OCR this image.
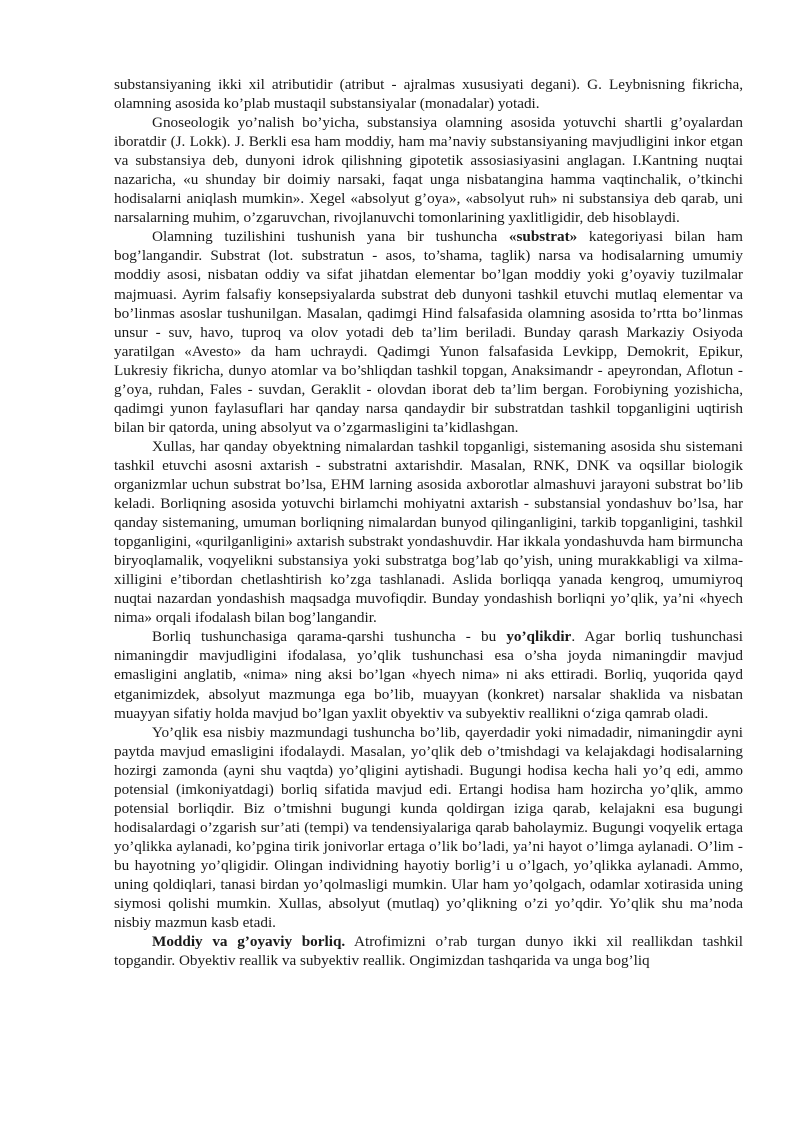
substansiyaning ikki xil atributidir (atribut - ajralmas xususiyati degani). G. Leybnisning fikricha, olamning asosida ko’plab mustaqil substansiyalar (monadalar) yotadi.

Gnoseologik yo’nalish bo’yicha, substansiya olamning asosida yotuvchi shartli g’oyalardan iboratdir (J. Lokk). J. Berkli esa ham moddiy, ham ma’naviy substansiyaning mavjudligini inkor etgan va substansiya deb, dunyoni idrok qilishning gipotetik assosiasiyasini anglagan. I.Kantning nuqtai nazaricha, «u shunday bir doimiy narsaki, faqat unga nisbatangina hamma vaqtinchalik, o’tkinchi hodisalarni aniqlash mumkin». Xegel «absolyut g’oya», «absolyut ruh» ni substansiya deb qarab, uni narsalarning muhim, o’zgaruvchan, rivojlanuvchi tomonlarining yaxlitligidir, deb hisoblaydi.

Olamning tuzilishini tushunish yana bir tushuncha «substrat» kategoriyasi bilan ham bog’langandir. Substrat (lot. substratun - asos, to’shama, taglik) narsa va hodisalarning umumiy moddiy asosi, nisbatan oddiy va sifat jihatdan elementar bo’lgan moddiy yoki g’oyaviy tuzilmalar majmuasi. Ayrim falsafiy konsepsiyalarda substrat deb dunyoni tashkil etuvchi mutlaq elementar va bo’linmas asoslar tushunilgan. Masalan, qadimgi Hind falsafasida olamning asosida to’rtta bo’linmas unsur - suv, havo, tuproq va olov yotadi deb ta’lim beriladi. Bunday qarash Markaziy Osiyoda yaratilgan «Avesto» da ham uchraydi. Qadimgi Yunon falsafasida Levkipp, Demokrit, Epikur, Lukresiy fikricha, dunyo atomlar va bo’shliqdan tashkil topgan, Anaksimandr - apeyrondan, Aflotun - g’oya, ruhdan, Fales - suvdan, Geraklit - olovdan iborat deb ta’lim bergan. Forobiyning yozishicha, qadimgi yunon faylasuflari har qanday narsa qandaydir bir substratdan tashkil topganligini uqtirish bilan bir qatorda, uning absolyut va o’zgarmasligini ta’kidlashgan.

Xullas, har qanday obyektning nimalardan tashkil topganligi, sistemaning asosida shu sistemani tashkil etuvchi asosni axtarish - substratni axtarishdir. Masalan, RNK, DNK va oqsillar biologik organizmlar uchun substrat bo’lsa, EHM larning asosida axborotlar almashuvi jarayoni substrat bo’lib keladi. Borliqning asosida yotuvchi birlamchi mohiyatni axtarish - substansial yondashuv bo’lsa, har qanday sistemaning, umuman borliqning nimalardan bunyod qilinganligini, tarkib topganligini, tashkil topganligini, «qurilganligini» axtarish substrakt yondashuvdir. Har ikkala yondashuvda ham birmuncha biryoqlamalik, voqyelikni substansiya yoki substratga bog’lab qo’yish, uning murakkabligi va xilma-xilligini e’tibordan chetlashtirish ko’zga tashlanadi. Aslida borliqqa yanada kengroq, umumiyroq nuqtai nazardan yondashish maqsadga muvofiqdir. Bunday yondashish borliqni yo’qlik, ya’ni «hyech nima» orqali ifodalash bilan bog’langandir.

Borliq tushunchasiga qarama-qarshi tushuncha - bu yo’qlikdir. Agar borliq tushunchasi nimaningdir mavjudligini ifodalasa, yo’qlik tushunchasi esa o’sha joyda nimaningdir mavjud emasligini anglatib, «nima» ning aksi bo’lgan «hyech nima» ni aks ettiradi. Borliq, yuqorida qayd etganimizdek, absolyut mazmunga ega bo’lib, muayyan (konkret) narsalar shaklida va nisbatan muayyan sifatiy holda mavjud bo’lgan yaxlit obyektiv va subyektiv reallikni o‘ziga qamrab oladi.

Yo’qlik esa nisbiy mazmundagi tushuncha bo’lib, qayerdadir yoki nimadadir, nimaningdir ayni paytda mavjud emasligini ifodalaydi. Masalan, yo’qlik deb o’tmishdagi va kelajakdagi hodisalarning hozirgi zamonda (ayni shu vaqtda) yo’qligini aytishadi. Bugungi hodisa kecha hali yo’q edi, ammo potensial (imkoniyatdagi) borliq sifatida mavjud edi. Ertangi hodisa ham hozircha yo’qlik, ammo potensial borliqdir. Biz o’tmishni bugungi kunda qoldirgan iziga qarab, kelajakni esa bugungi hodisalardagi o’zgarish sur’ati (tempi) va tendensiyalariga qarab baholaymiz. Bugungi voqyelik ertaga yo’qlikka aylanadi, ko’pgina tirik jonivorlar ertaga o’lik bo’ladi, ya’ni hayot o’limga aylanadi. O’lim - bu hayotning yo’qligidir. Olingan individning hayotiy borlig’i u o’lgach, yo’qlikka aylanadi. Ammo, uning qoldiqlari, tanasi birdan yo’qolmasligi mumkin. Ular ham yo’qolgach, odamlar xotirasida uning siymosi qolishi mumkin. Xullas, absolyut (mutlaq) yo’qlikning o’zi yo’qdir. Yo’qlik shu ma’noda nisbiy mazmun kasb etadi.

Moddiy va g’oyaviy borliq. Atrofimizni o’rab turgan dunyo ikki xil reallikdan tashkil topgandir. Obyektiv reallik va subyektiv reallik. Ongimizdan tashqarida va unga bog’liq
